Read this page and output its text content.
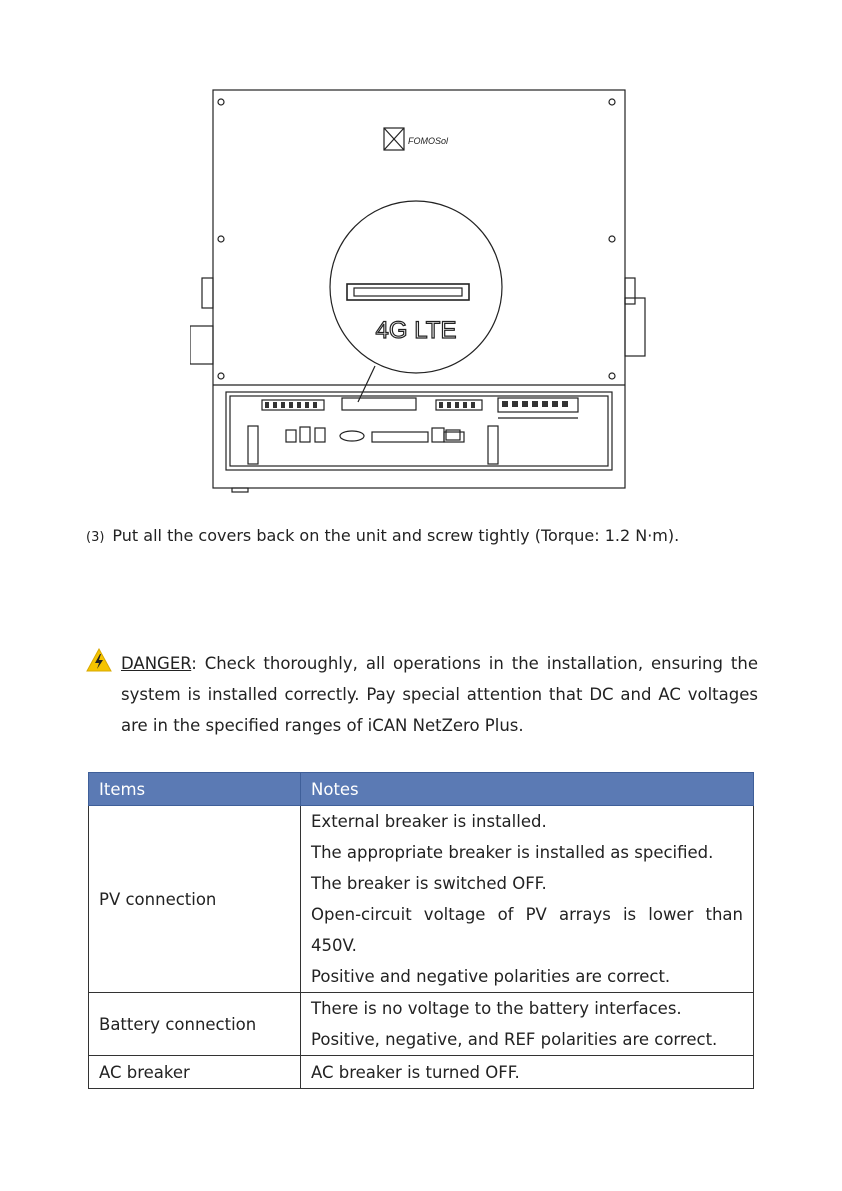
4G LTE
FOMOSol
(3) Put all the covers back on the unit and screw tightly (Torque: 1.2 N·m).
DANGER: Check thoroughly, all operations in the installation, ensuring the system is installed correctly. Pay special attention that DC and AC voltages are in the specified ranges of iCAN NetZero Plus.
Items	Notes
PV connection	External breaker is installed.
The appropriate breaker is installed as specified.
The breaker is switched OFF.
Open-circuit voltage of PV arrays is lower than 450V.
Positive and negative polarities are correct.

Battery connection	There is no voltage to the battery interfaces.
Positive, negative, and REF polarities are correct.

AC breaker	AC breaker is turned OFF.
